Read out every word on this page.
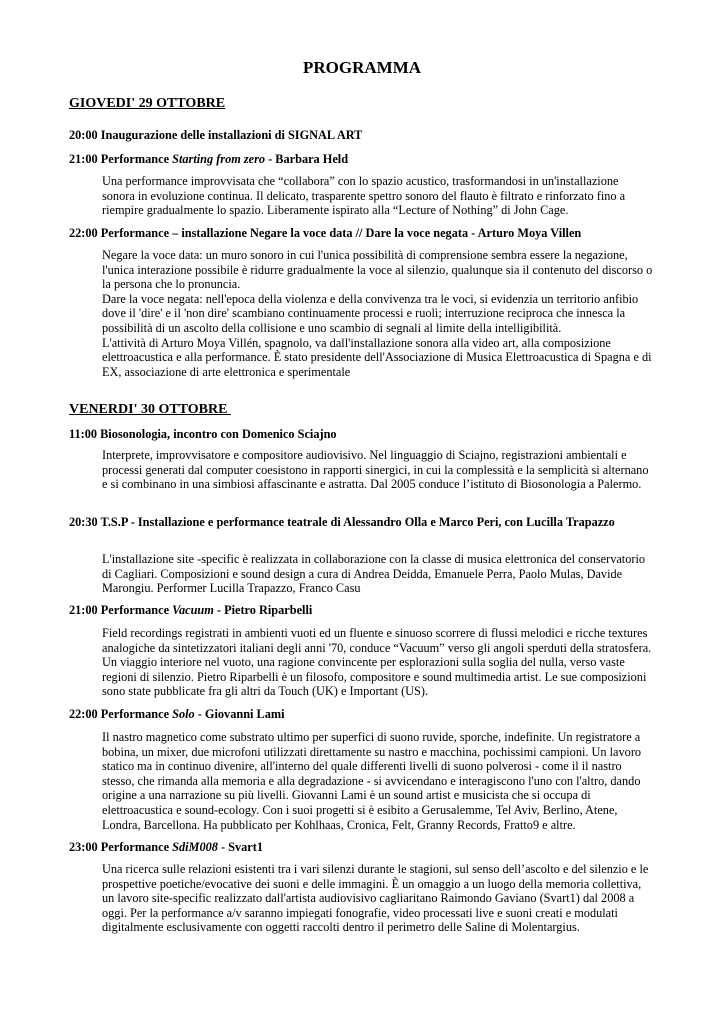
PROGRAMMA
GIOVEDI' 29 OTTOBRE
20:00 Inaugurazione delle installazioni di SIGNAL ART
21:00 Performance Starting from zero - Barbara Held

Una performance improvvisata che “collabora” con lo spazio acustico, trasformandosi in un'installazione sonora in evoluzione continua. Il delicato, trasparente spettro sonoro del flauto è filtrato e rinforzato fino a riempire gradualmente lo spazio. Liberamente ispirato alla “Lecture of Nothing” di John Cage.

22:00 Performance – installazione Negare la voce data // Dare la voce negata - Arturo Moya Villen

Negare la voce data: un muro sonoro in cui l'unica possibilità di comprensione sembra essere la negazione, l'unica interazione possibile è ridurre gradualmente la voce al silenzio, qualunque sia il contenuto del discorso o la persona che lo pronuncia.

Dare la voce negata: nell'epoca della violenza e della convivenza tra le voci, si evidenzia un territorio anfibio dove il 'dire' e il 'non dire' scambiano continuamente processi e ruoli; interruzione reciproca che innesca la possibilità di un ascolto della collisione e uno scambio di segnali al limite della intelligibilità.

L'attività di Arturo Moya Villén, spagnolo, va dall'installazione sonora alla video art, alla composizione elettroacustica e alla performance. È stato presidente dell'Associazione di Musica Elettroacustica di Spagna e di EX, associazione di arte elettronica e sperimentale

VENERDI' 30 OTTOBRE
11:00 Biosonologia, incontro con Domenico Sciajno

Interprete, improvvisatore e compositore audiovisivo. Nel linguaggio di Sciajno, registrazioni ambientali e processi generati dal computer coesistono in rapporti sinergici, in cui la complessità e la semplicità si alternano e si combinano in una simbiosi affascinante e astratta. Dal 2005 conduce l’istituto di Biosonologia a Palermo.

20:30 T.S.P - Installazione e performance teatrale di Alessandro Olla e Marco Peri, con Lucilla Trapazzo

L'installazione site -specific è realizzata in collaborazione con la classe di musica elettronica del conservatorio di Cagliari. Composizioni e sound design a cura di Andrea Deidda, Emanuele Perra, Paolo Mulas, Davide Marongiu. Performer Lucilla Trapazzo, Franco Casu

21:00 Performance Vacuum - Pietro Riparbelli

Field recordings registrati in ambienti vuoti ed un fluente e sinuoso scorrere di flussi melodici e ricche textures analogiche da sintetizzatori italiani degli anni '70, conduce “Vacuum” verso gli angoli sperduti della stratosfera. Un viaggio interiore nel vuoto, una ragione convincente per esplorazioni sulla soglia del nulla, verso vaste regioni di silenzio. Pietro Riparbelli è un filosofo, compositore e sound multimedia artist. Le sue composizioni sono state pubblicate fra gli altri da Touch (UK) e Important (US).

22:00 Performance Solo - Giovanni Lami

Il nastro magnetico come substrato ultimo per superfici di suono ruvide, sporche, indefinite. Un registratore a bobina, un mixer, due microfoni utilizzati direttamente su nastro e macchina, pochissimi campioni. Un lavoro statico ma in continuo divenire, all'interno del quale differenti livelli di suono polverosi - come il il nastro stesso, che rimanda alla memoria e alla degradazione - si avvicendano e interagiscono l'uno con l'altro, dando origine a una narrazione su più livelli. Giovanni Lami è un sound artist e musicista che si occupa di elettroacustica e sound-ecology. Con i suoi progetti si è esibito a Gerusalemme, Tel Aviv, Berlino, Atene, Londra, Barcellona. Ha pubblicato per Kohlhaas, Cronica, Felt, Granny Records, Fratto9 e altre.

23:00 Performance SdiM008 - Svart1

Una ricerca sulle relazioni esistenti tra i vari silenzi durante le stagioni, sul senso dell’ascolto e del silenzio e le prospettive poetiche/evocative dei suoni e delle immagini. È un omaggio a un luogo della memoria collettiva, un lavoro site-specific realizzato dall'artista audiovisivo cagliaritano Raimondo Gaviano (Svart1) dal 2008 a oggi. Per la performance a/v saranno impiegati fonografie, video processati live e suoni creati e modulati digitalmente esclusivamente con oggetti raccolti dentro il perimetro delle Saline di Molentargius.
